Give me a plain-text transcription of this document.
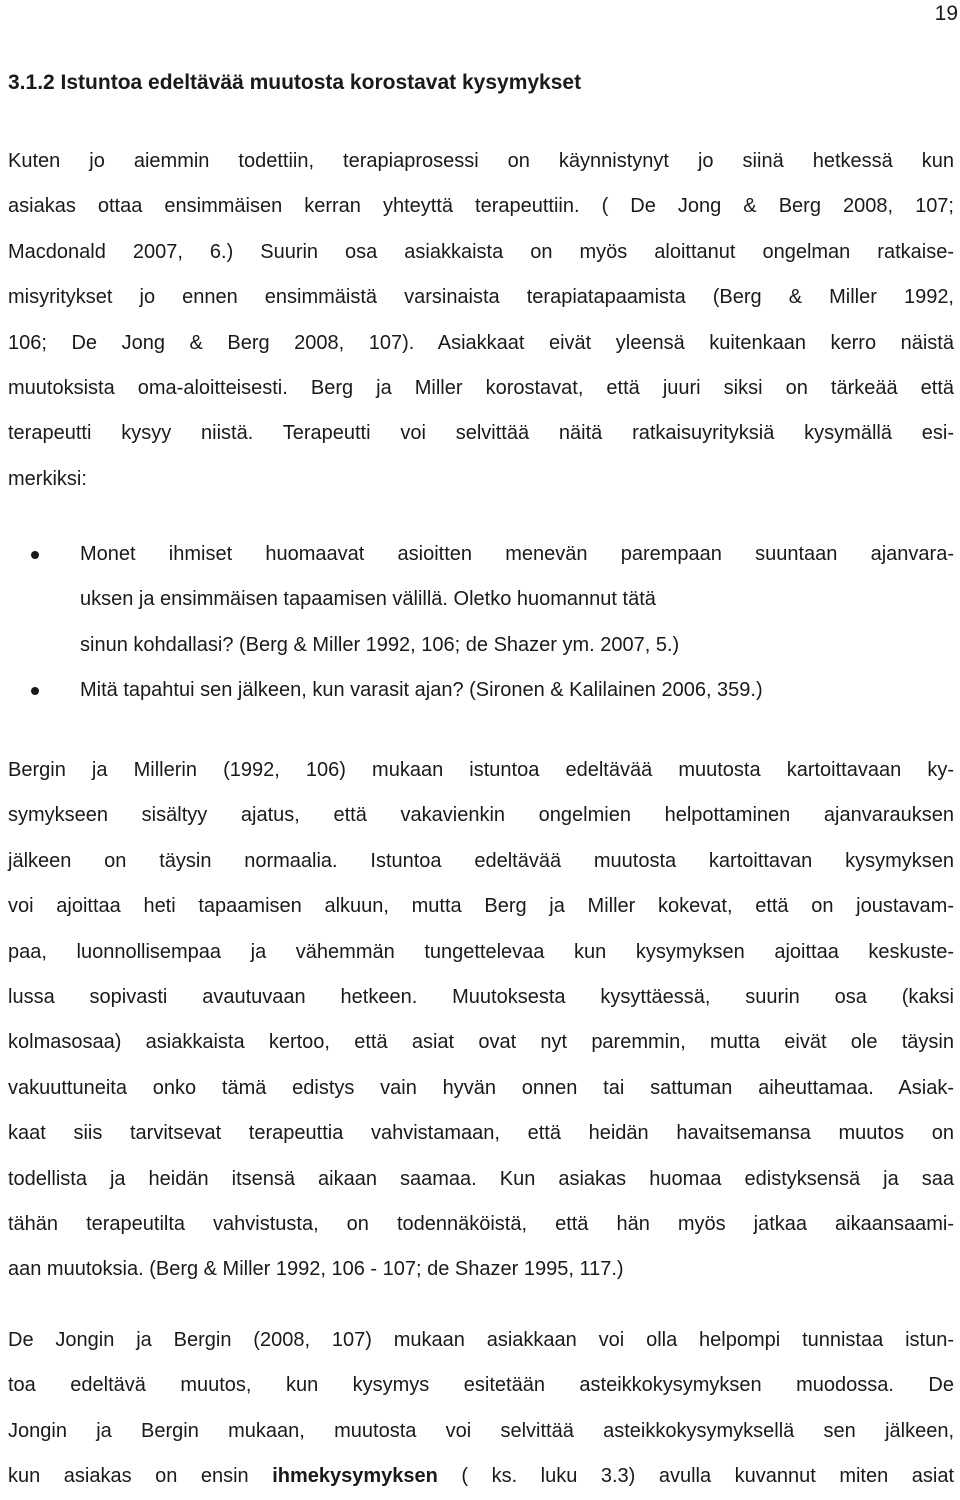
19
3.1.2 Istuntoa edeltävää muutosta korostavat kysymykset

Kuten jo aiemmin todettiin, terapiaprosessi on käynnistynyt jo siinä hetkessä kun
asiakas ottaa ensimmäisen kerran yhteyttä terapeuttiin. ( De Jong & Berg 2008, 107;
Macdonald 2007, 6.) Suurin osa asiakkaista on myös aloittanut ongelman ratkaise-
misyritykset jo ennen ensimmäistä varsinaista terapiatapaamista (Berg & Miller 1992,
106; De Jong & Berg 2008, 107). Asiakkaat eivät yleensä kuitenkaan kerro näistä
muutoksista oma-aloitteisesti. Berg ja Miller korostavat, että juuri siksi on tärkeää että
terapeutti kysyy niistä. Terapeutti voi selvittää näitä ratkaisuyrityksiä kysymällä esi-
merkiksi:

Monet ihmiset huomaavat asioitten menevän parempaan suuntaan ajanvara-
uksen ja ensimmäisen tapaamisen välillä. Oletko huomannut tätä
sinun kohdallasi? (Berg & Miller 1992, 106; de Shazer ym. 2007, 5.)
Mitä tapahtui sen jälkeen, kun varasit ajan? (Sironen & Kalilainen 2006, 359.)

Bergin ja Millerin (1992, 106) mukaan istuntoa edeltävää muutosta kartoittavaan ky-
symykseen sisältyy ajatus, että vakavienkin ongelmien helpottaminen ajanvarauksen
jälkeen on täysin normaalia. Istuntoa edeltävää muutosta kartoittavan kysymyksen
voi ajoittaa heti tapaamisen alkuun, mutta Berg ja Miller kokevat, että on joustavam-
paa, luonnollisempaa ja vähemmän tungettelevaa kun kysymyksen ajoittaa keskuste-
lussa sopivasti avautuvaan hetkeen. Muutoksesta kysyttäessä, suurin osa (kaksi
kolmasosaa) asiakkaista kertoo, että asiat ovat nyt paremmin, mutta eivät ole täysin
vakuuttuneita onko tämä edistys vain hyvän onnen tai sattuman aiheuttamaa. Asiak-
kaat siis tarvitsevat terapeuttia vahvistamaan, että heidän havaitsemansa muutos on
todellista ja heidän itsensä aikaan saamaa. Kun asiakas huomaa edistyksensä ja saa
tähän terapeutilta vahvistusta, on todennäköistä, että hän myös jatkaa aikaansaami-
aan muutoksia. (Berg & Miller 1992, 106 - 107; de Shazer 1995, 117.)

De Jongin ja Bergin (2008, 107) mukaan asiakkaan voi olla helpompi tunnistaa istun-
toa edeltävä muutos, kun kysymys esitetään asteikkokysymyksen muodossa. De
Jongin ja Bergin mukaan, muutosta voi selvittää asteikkokysymyksellä sen jälkeen,
kun asiakas on ensin ihmekysymyksen ( ks. luku 3.3) avulla kuvannut miten asiat
